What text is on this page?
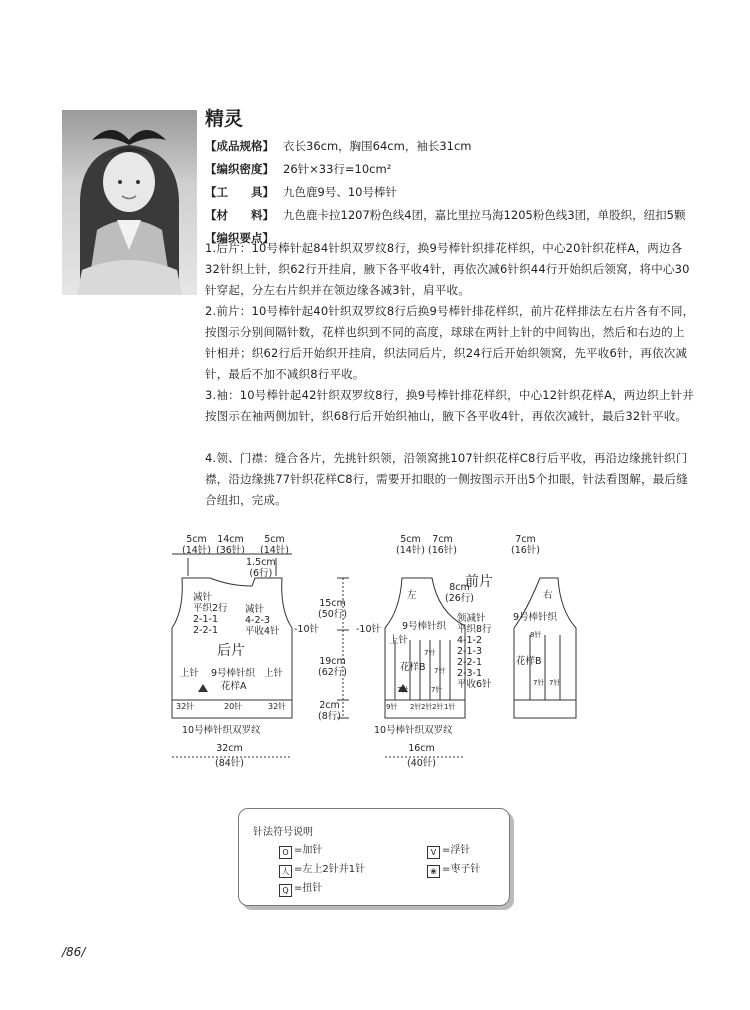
精灵
【成品规格】 衣长36cm，胸围64cm，袖长31cm
【编织密度】 26针×33行=10cm²
【工　　具】 九色鹿9号、10号棒针
【材　　料】 九色鹿卡拉1207粉色线4团，嘉比里拉马海1205粉色线3团，单股织，纽扣5颗
【编织要点】
1.后片：10号棒针起84针织双罗纹8行，换9号棒针织排花样织，中心20针织花样A，两边各32针织上针，织62行开挂肩，腋下各平收4针，再依次减6针织44行开始织后领窝，将中心30针穿起，分左右片织并在领边缘各减3针，肩平收。
2.前片：10号棒针起40针织双罗纹8行后换9号棒针排花样织，前片花样排法左右片各有不同，按图示分别间隔针数，花样也织到不同的高度，球球在两针上针的中间钩出，然后和右边的上针相并；织62行后开始织开挂肩，织法同后片，织24行后开始织领窝，先平收6针，再依次减针，最后不加不减织8行平收。
3.袖：10号棒针起42针织双罗纹8行，换9号棒针排花样织，中心12针织花样A，两边织上针并按图示在袖两侧加针，织68行后开始织袖山，腋下各平收4针，再依次减针，最后32针平收。
4.领、门襟：缝合各片，先挑针织领，沿领窝挑107针织花样C8行后平收，再沿边缘挑针织门襟，沿边缘挑77针织花样C8行，需要开扣眼的一侧按图示开出5个扣眼，针法看图解，最后缝合纽扣，完成。
5cm
(14针)
14cm
(36针)
5cm
(14针)
1.5cm
(6行)
减针
平织2行
2-1-1
2-2-1
减针
4-2-3
平收4针 -10针
后片
上针 9号棒针织
花样A
上针
32针	20针	32针
10号棒针织双罗纹
32cm
(84针)
15cm
(50行)
19cm
(62行)
2cm
(8行)
5cm
(14针)
7cm
(16针)
前片
左
8cm
(26行)
-10针 9号棒针织
上针
花样B
领减针
平织8行
4-1-2
2-1-3
2-2-1
2-3-1
平收6针
7针
7针
7针	7针
9针 2针 2针 2针 1针
10号棒针织双罗纹
16cm
(40针)
7cm
(16针)
右
9号棒针织
花样B
8针
7针 7针
针法符号说明
O =加针	V =浮针
人 =左上2针并1针	❀ =枣子针
Q =扭针
/86/
